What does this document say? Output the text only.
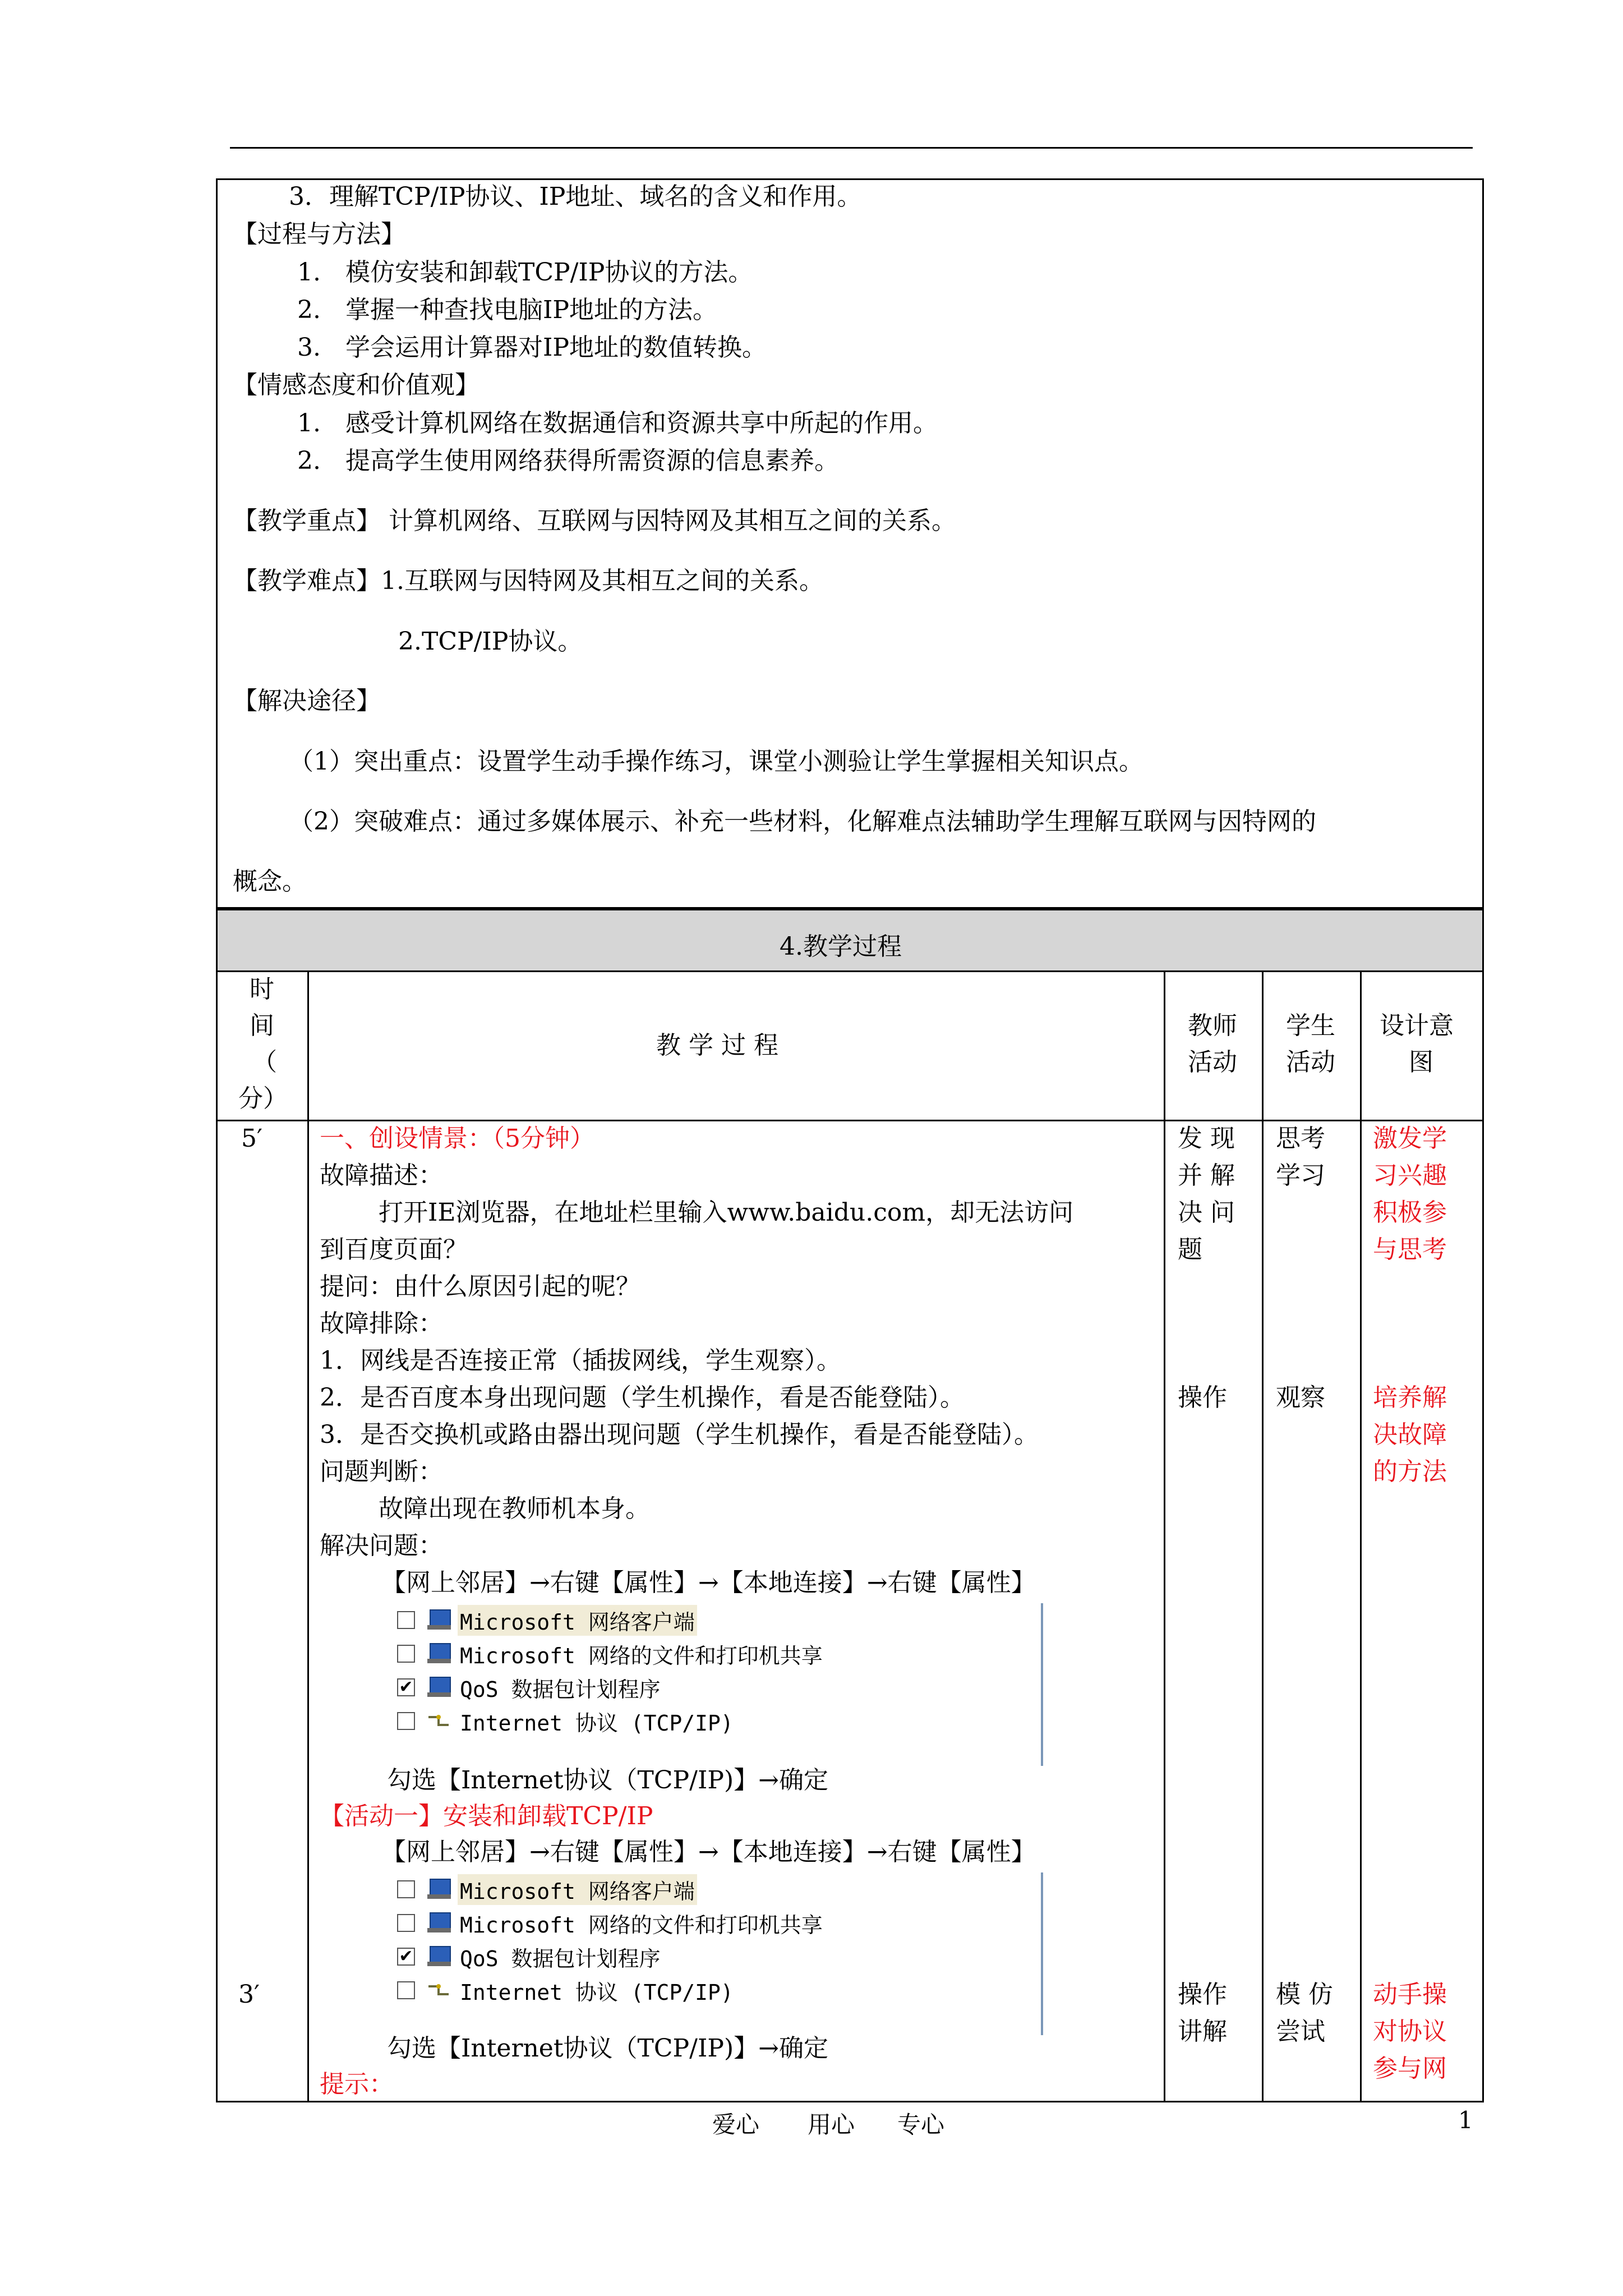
3．理解TCP/IP协议、IP地址、域名的含义和作用。
【过程与方法】
1.　模仿安装和卸载TCP/IP协议的方法。
2.　掌握一种查找电脑IP地址的方法。
3.　学会运用计算器对IP地址的数值转换。
【情感态度和价值观】
1.　感受计算机网络在数据通信和资源共享中所起的作用。
2.　提高学生使用网络获得所需资源的信息素养。
【教学重点】 计算机网络、互联网与因特网及其相互之间的关系。
【教学难点】1.互联网与因特网及其相互之间的关系。
2.TCP/IP协议。
【解决途径】
（1）突出重点：设置学生动手操作练习，课堂小测验让学生掌握相关知识点。
（2）突破难点：通过多媒体展示、补充一些材料，化解难点法辅助学生理解互联网与因特网的
概念。
4.教学过程
时
间
（
分）
教 学 过 程
教师
活动
学生
活动
设计意
图
5′ 一、创设情景：（5分钟）
故障描述：
打开IE浏览器，在地址栏里输入www.baidu.com，却无法访问
到百度页面？
提问：由什么原因引起的呢？
故障排除：
1．网线是否连接正常（插拔网线，学生观察）。
2．是否百度本身出现问题（学生机操作，看是否能登陆）。
3．是否交换机或路由器出现问题（学生机操作，看是否能登陆）。
问题判断：
故障出现在教师机本身。
解决问题：
【网上邻居】→右键【属性】→【本地连接】→右键【属性】
Microsoft 网络客户端
Microsoft 网络的文件和打印机共享
✔ QoS 数据包计划程序
Internet 协议 (TCP/IP)
勾选【Internet协议（TCP/IP)】→确定
【活动一】安装和卸载TCP/IP
【网上邻居】→右键【属性】→【本地连接】→右键【属性】
Microsoft 网络客户端
Microsoft 网络的文件和打印机共享
✔ QoS 数据包计划程序
Internet 协议 (TCP/IP)
勾选【Internet协议（TCP/IP)】→确定
提示：
发 现
并 解
决 问
题
思考
学习
激发学
习兴趣
积极参
与思考
操作 观察 培养解
决故障
的方法
3′	操作
讲解
模 仿
尝试
动手操
对协议
参与网
爱心 用心 专心	1
